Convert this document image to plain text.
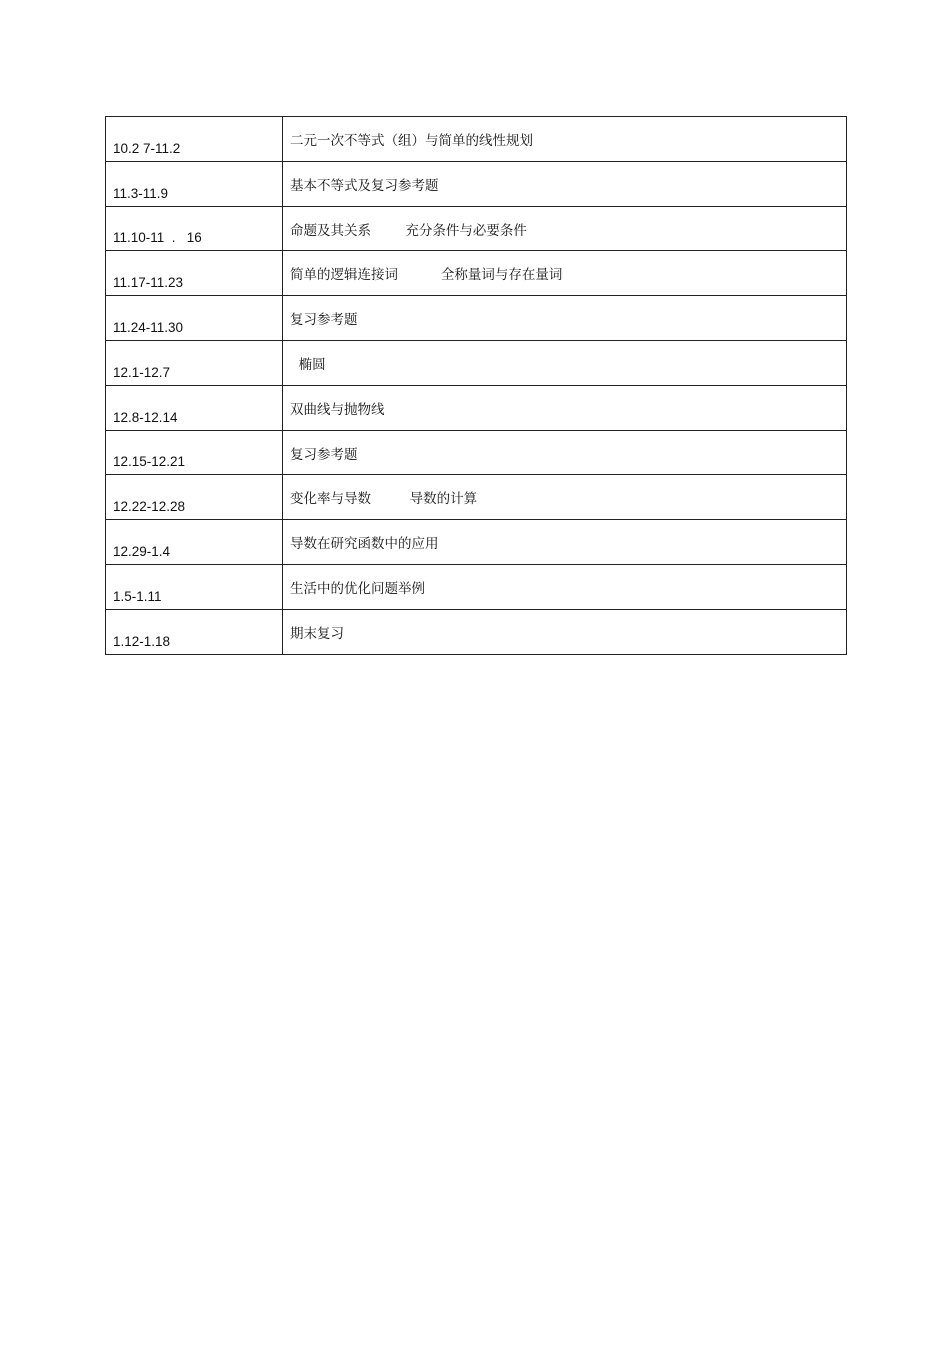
10.2 7-11.2	二元一次不等式（组）与简单的线性规划
11.3-11.9	基本不等式及复习参考题
11.10-11  .   16	命题及其关系        充分条件与必要条件
11.17-11.23	简单的逻辑连接词          全称量词与存在量词
11.24-11.30	复习参考题
12.1-12.7	椭圆
12.8-12.14	双曲线与抛物线
12.15-12.21	复习参考题
12.22-12.28	变化率与导数         导数的计算
12.29-1.4	导数在研究函数中的应用
1.5-1.11	生活中的优化问题举例
1.12-1.18	期末复习
